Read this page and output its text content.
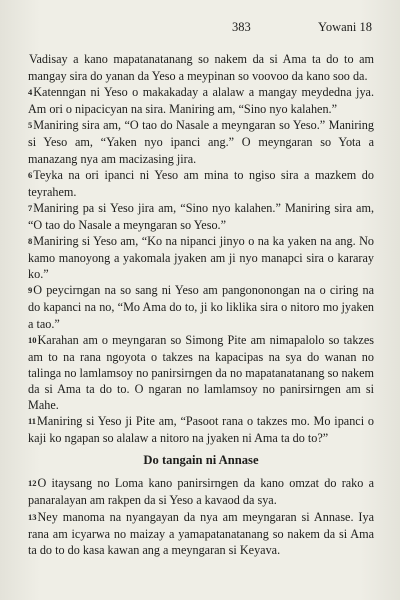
383	Yowani 18

Vadisay a kano mapatanatanang so nakem da si Ama ta do to am mangay sira do yanan da Yeso a meypinan so voovoo da kano soo da.

4Katenngan ni Yeso o makakaday a alalaw a mangay meydedna jya. Am ori o nipacicyan na sira. Maniring am, “Sino nyo kalahen.”

5Maniring sira am, “O tao do Nasale a meyngaran so Yeso.” Maniring si Yeso am, “Yaken nyo ipanci ang.” O meyngaran so Yota a manazang nya am macizasing jira.

6Teyka na ori ipanci ni Yeso am mina to ngiso sira a mazkem do teyrahem.

7Maniring pa si Yeso jira am, “Sino nyo kalahen.” Maniring sira am, “O tao do Nasale a meyngaran so Yeso.”

8Maniring si Yeso am, “Ko na nipanci jinyo o na ka yaken na ang. No kamo manoyong a yakomala jyaken am ji nyo manapci sira o kararay ko.”

9O peycirngan na so sang ni Yeso am pangononongan na o ciring na do kapanci na no, “Mo Ama do to, ji ko liklika sira o nitoro mo jyaken a tao.”

10Karahan am o meyngaran so Simong Pite am nimapalolo so takzes am to na rana ngoyota o takzes na kapacipas na sya do wanan no talinga no lamlamsoy no panirsirngen da no mapatanatanang so nakem da si Ama ta do to. O ngaran no lamlamsoy no panirsirngen am si Mahe.

11Maniring si Yeso ji Pite am, “Pasoot rana o takzes mo. Mo ipanci o kaji ko ngapan so alalaw a nitoro na jyaken ni Ama ta do to?”

Do tangain ni Annase

12O itaysang no Loma kano panirsirngen da kano omzat do rako a panaralayan am rakpen da si Yeso a kavaod da sya.

13Ney manoma na nyangayan da nya am meyngaran si Annase. Iya rana am icyarwa no maizay a yamapatanatanang so nakem da si Ama ta do to do kasa kawan ang a meyngaran si Keyava.
